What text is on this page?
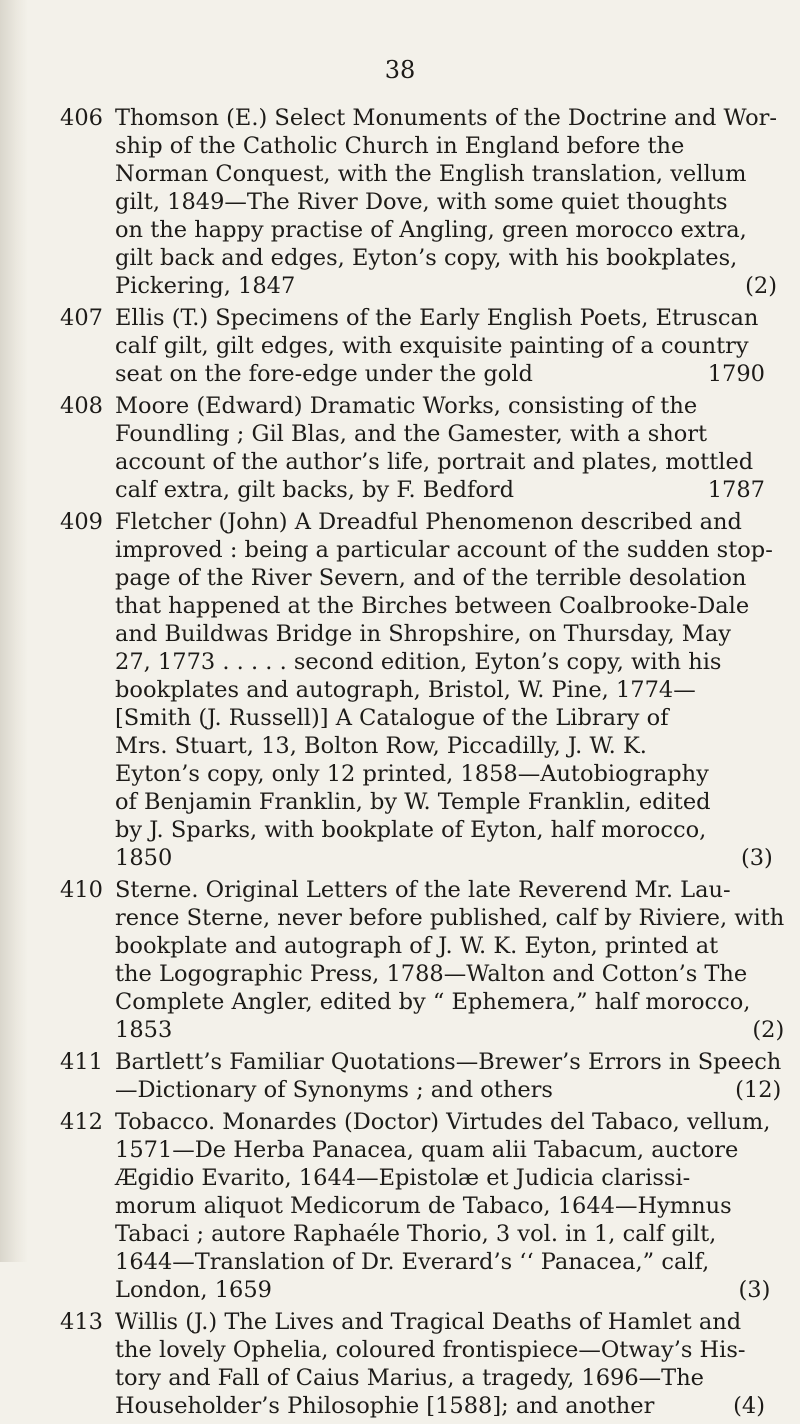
38
406 Thomson (E.) Select Monuments of the Doctrine and Wor-
ship of the Catholic Church in England before the
Norman Conquest, with the English translation, vellum
gilt, 1849—The River Dove, with some quiet thoughts
on the happy practise of Angling, green morocco extra,
gilt back and edges, Eyton’s copy, with his bookplates,
Pickering, 1847	(2)
407 Ellis (T.) Specimens of the Early English Poets, Etruscan
calf gilt, gilt edges, with exquisite painting of a country
seat on the fore-edge under the gold	1790
408 Moore (Edward) Dramatic Works, consisting of the
Foundling ; Gil Blas, and the Gamester, with a short
account of the author’s life, portrait and plates, mottled
calf extra, gilt backs, by F. Bedford	1787
409 Fletcher (John) A Dreadful Phenomenon described and
improved : being a particular account of the sudden stop-
page of the River Severn, and of the terrible desolation
that happened at the Birches between Coalbrooke-Dale
and Buildwas Bridge in Shropshire, on Thursday, May
27, 1773 . . . . . second edition, Eyton’s copy, with his
bookplates and autograph, Bristol, W. Pine, 1774—
[Smith (J. Russell)] A Catalogue of the Library of
Mrs. Stuart, 13, Bolton Row, Piccadilly, J. W. K.
Eyton’s copy, only 12 printed, 1858—Autobiography
of Benjamin Franklin, by W. Temple Franklin, edited
by J. Sparks, with bookplate of Eyton, half morocco,
1850	(3)
410 Sterne. Original Letters of the late Reverend Mr. Lau-
rence Sterne, never before published, calf by Riviere, with
bookplate and autograph of J. W. K. Eyton, printed at
the Logographic Press, 1788—Walton and Cotton’s The
Complete Angler, edited by “ Ephemera,” half morocco,
1853	(2)
411 Bartlett’s Familiar Quotations—Brewer’s Errors in Speech
—Dictionary of Synonyms ; and others	(12)
412 Tobacco. Monardes (Doctor) Virtudes del Tabaco, vellum,
1571—De Herba Panacea, quam alii Tabacum, auctore
Ægidio Evarito, 1644—Epistolæ et Judicia clarissi-
morum aliquot Medicorum de Tabaco, 1644—Hymnus
Tabaci ; autore Raphaéle Thorio, 3 vol. in 1, calf gilt,
1644—Translation of Dr. Everard’s ‘‘ Panacea,” calf,
London, 1659	(3)
413 Willis (J.) The Lives and Tragical Deaths of Hamlet and
the lovely Ophelia, coloured frontispiece—Otway’s His-
tory and Fall of Caius Marius, a tragedy, 1696—The
Householder’s Philosophie [1588]; and another	(4)
